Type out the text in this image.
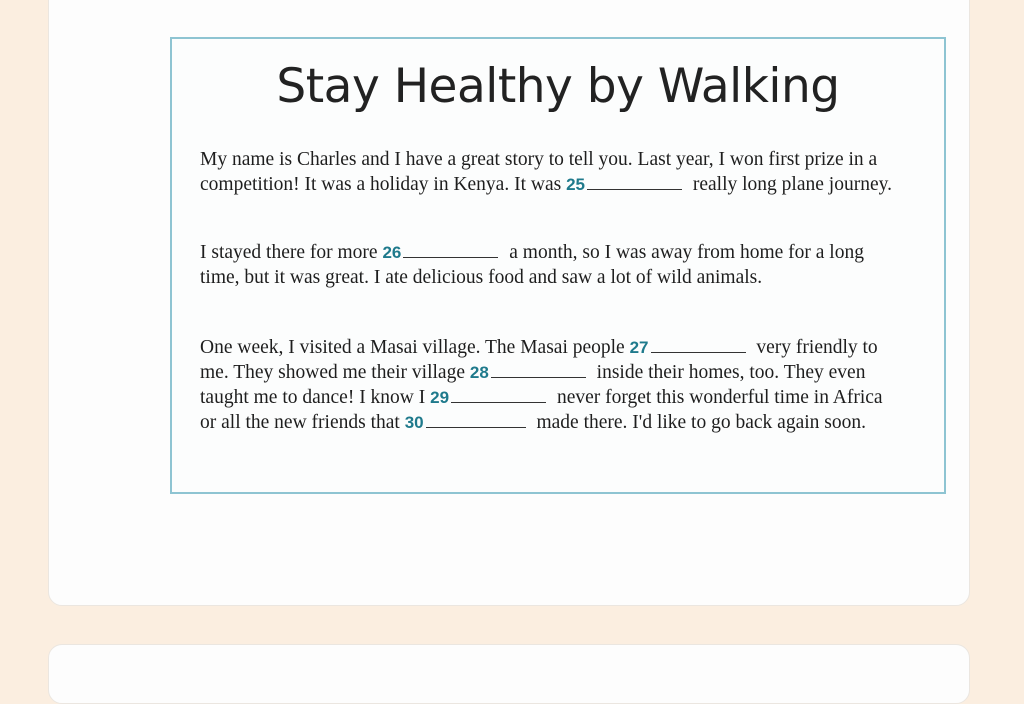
Stay Healthy by Walking

My name is Charles and I have a great story to tell you. Last year, I won first prize in a competition! It was a holiday in Kenya. It was 25	really long plane journey.

I stayed there for more 26	a month, so I was away from home for a long time, but it was great. I ate delicious food and saw a lot of wild animals.

One week, I visited a Masai village. The Masai people 27	very friendly to me. They showed me their village 28	inside their homes, too. They even taught me to dance! I know I 29	never forget this wonderful time in Africa or all the new friends that 30	made there. I'd like to go back again soon.
